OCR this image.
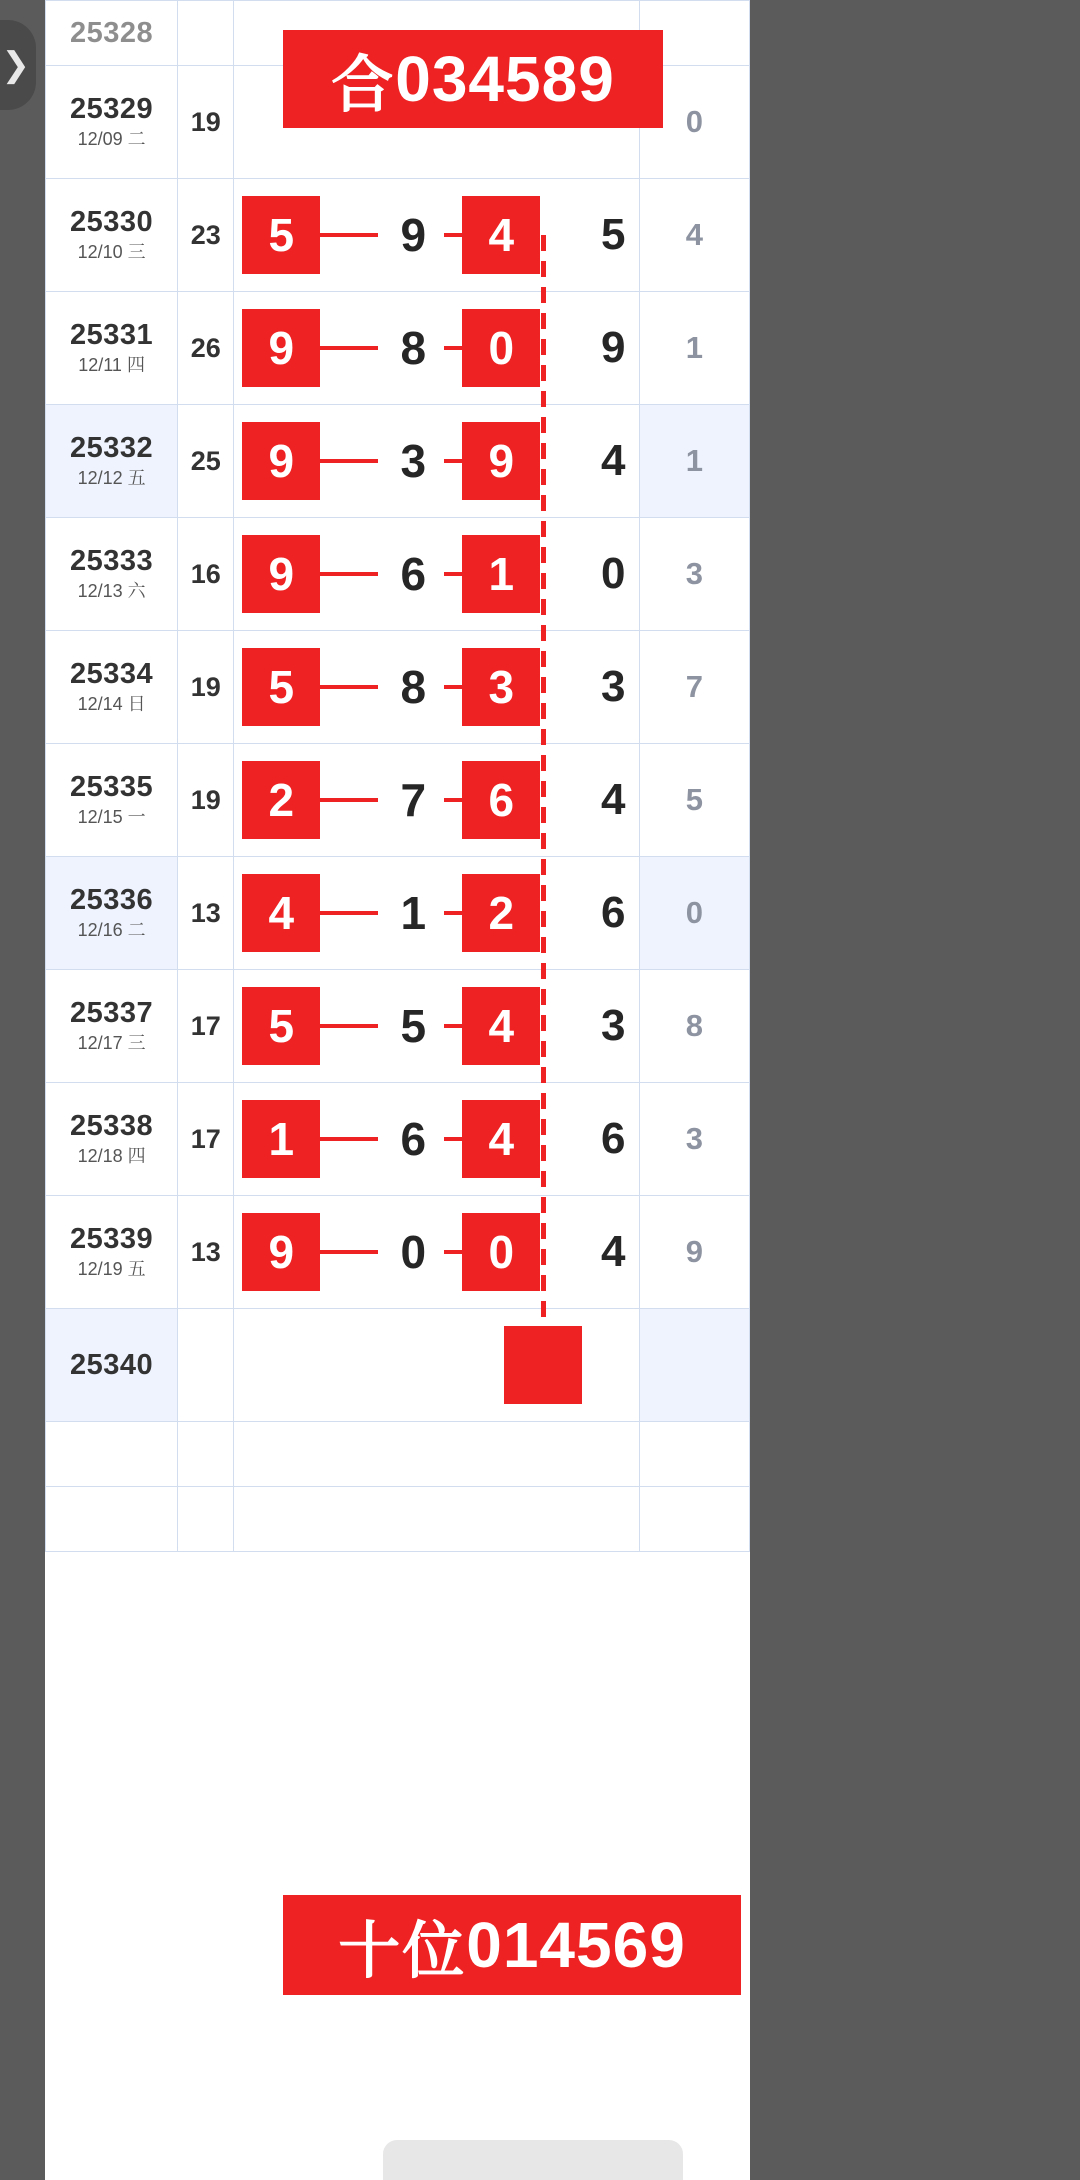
25328			

25329
12/09 二	19		0

25330
12/10 三
	23	5	9	4	5	4

25331
12/11 四
	26	9	8	0	9	1

25332
12/12 五
	25	9	3	9	4	1

25333
12/13 六
	16	9	6	1	0	3

25334
12/14 日
	19	5	8	3	3	7

25335
12/15 一
	19	2	7	6	4	5

25336
12/16 二
	13	4	1	2	6	0

25337
12/17 三
	17	5	5	4	3	8

25338
12/18 四
	17	1	6	4	6	3

25339
12/19 五
	13	9	0	0	4	9

25340			

合 034589
十位 014569
❯
